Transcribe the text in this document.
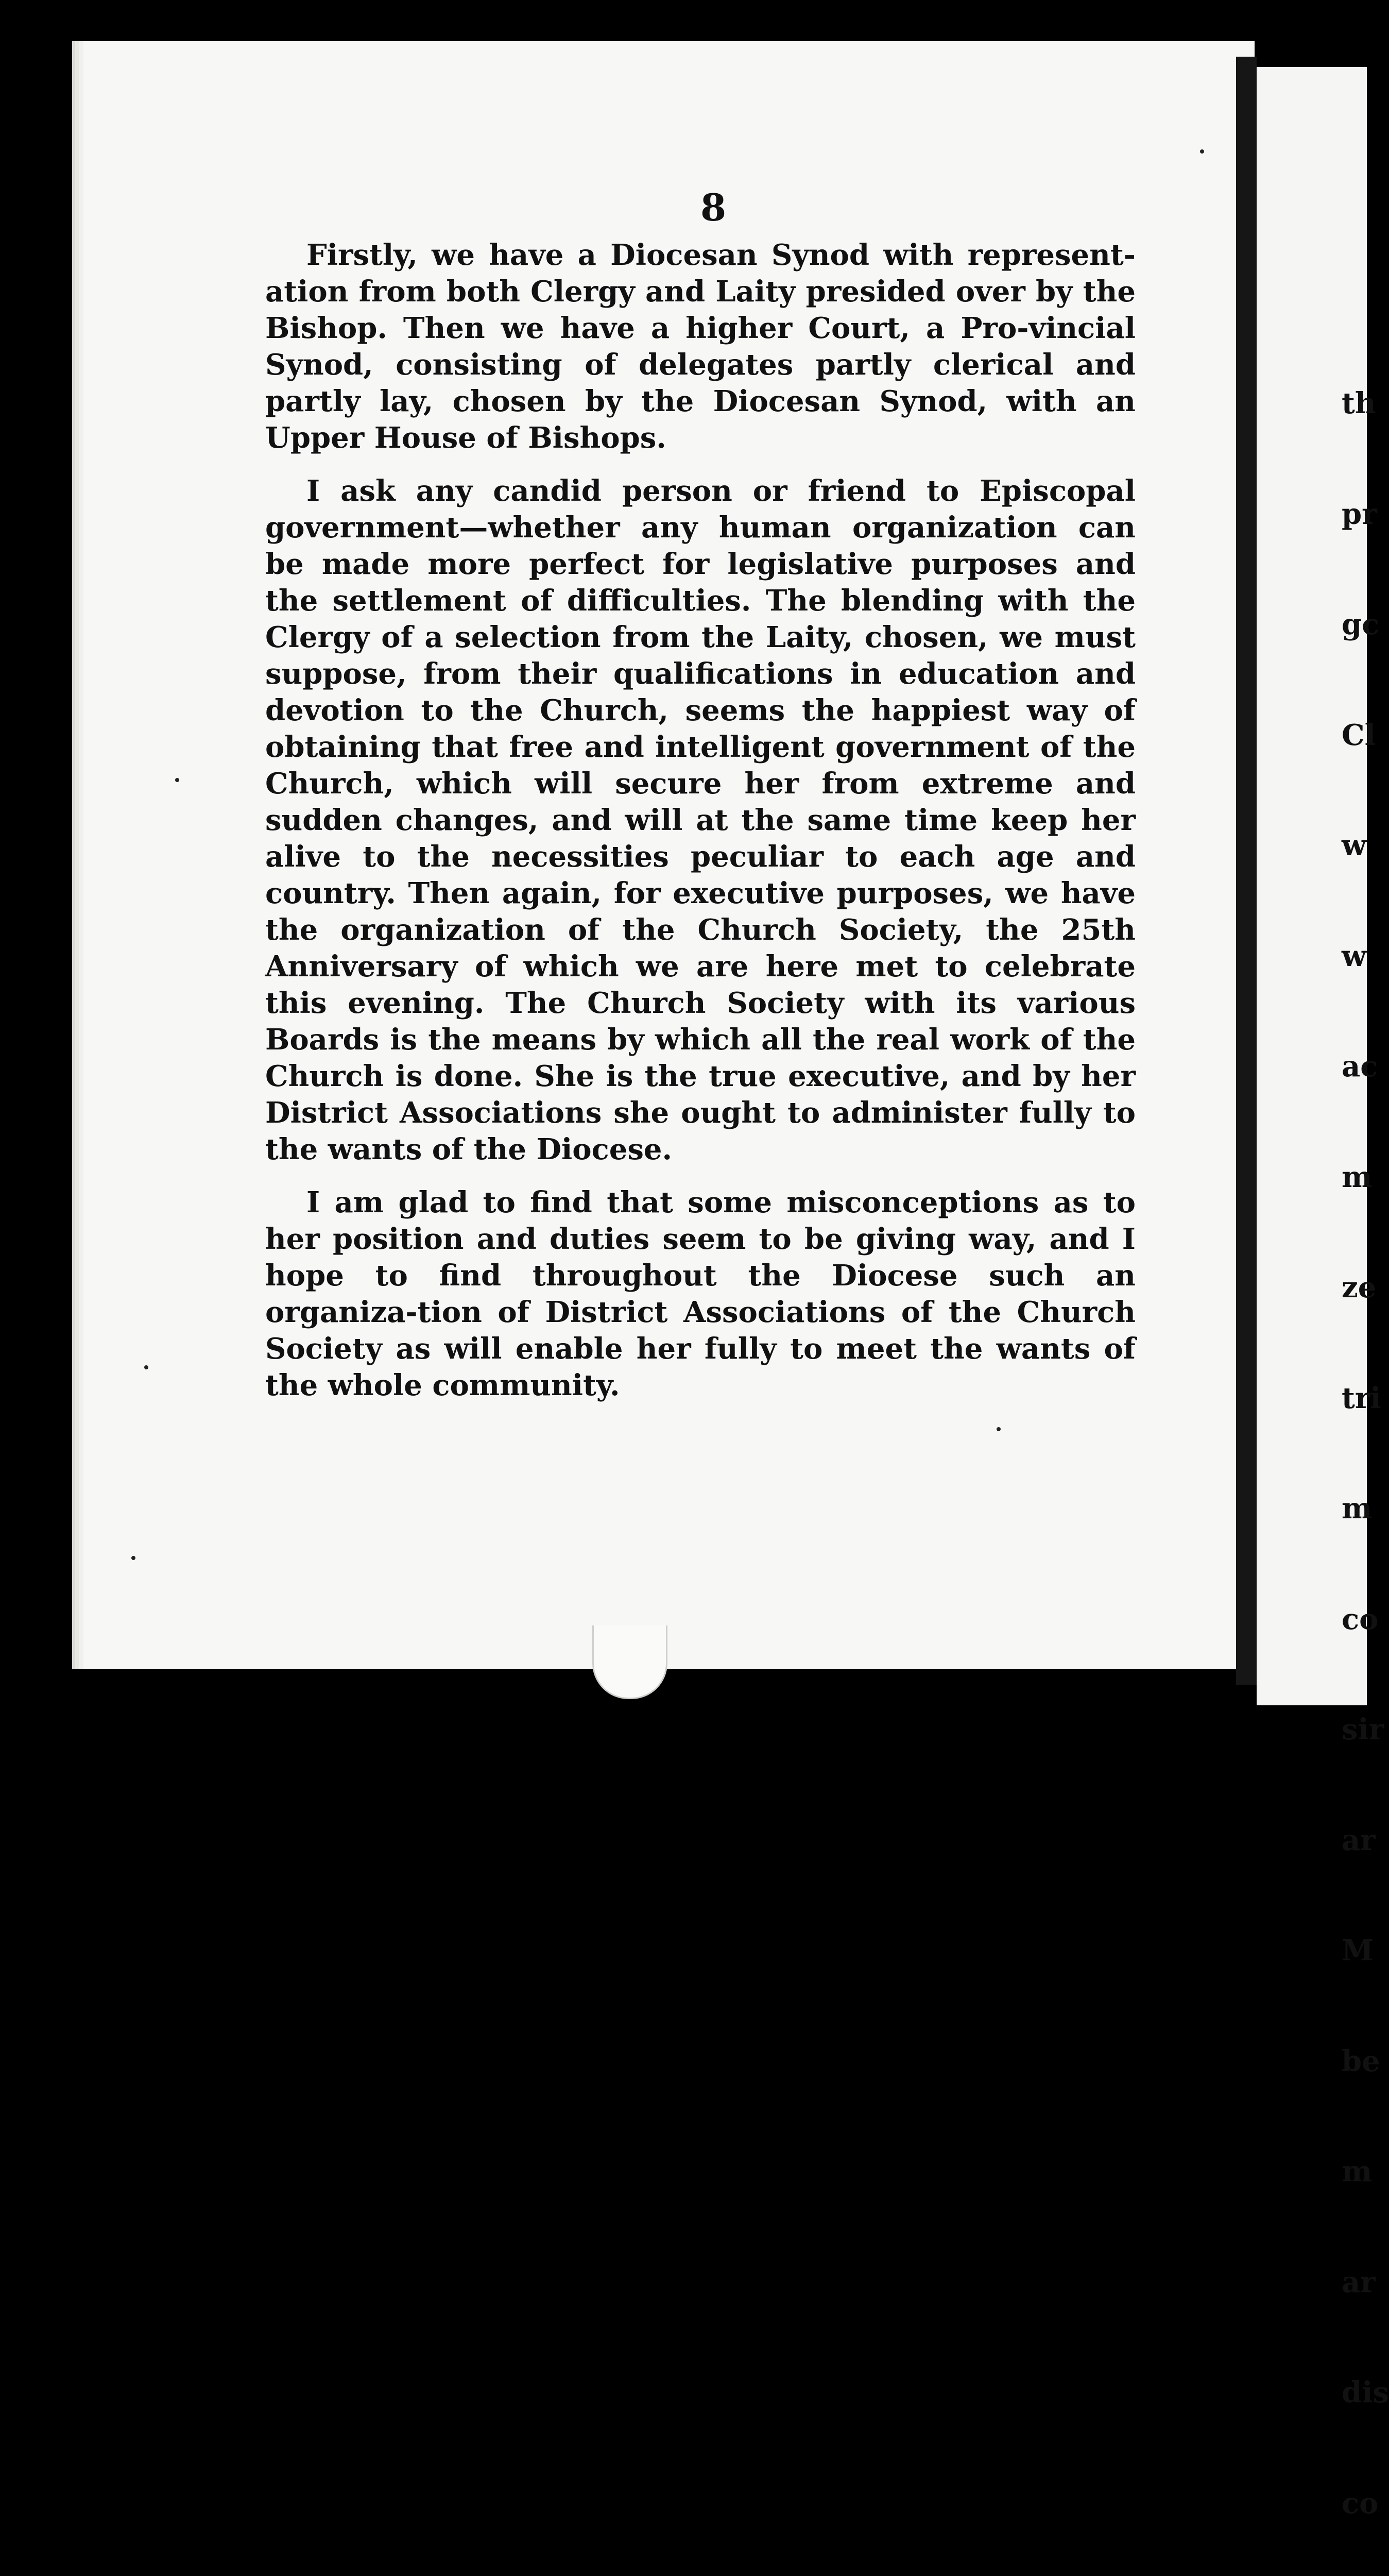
8

Firstly, we have a Diocesan Synod with represent-ation from both Clergy and Laity presided over by the Bishop. Then we have a higher Court, a Pro-vincial Synod, consisting of delegates partly clerical and partly lay, chosen by the Diocesan Synod, with an Upper House of Bishops.

I ask any candid person or friend to Episcopal government—whether any human organization can be made more perfect for legislative purposes and the settlement of difficulties. The blending with the Clergy of a selection from the Laity, chosen, we must suppose, from their qualifications in education and devotion to the Church, seems the happiest way of obtaining that free and intelligent government of the Church, which will secure her from extreme and sudden changes, and will at the same time keep her alive to the necessities peculiar to each age and country. Then again, for executive purposes, we have the organization of the Church Society, the 25th Anniversary of which we are here met to celebrate this evening. The Church Society with its various Boards is the means by which all the real work of the Church is done. She is the true executive, and by her District Associations she ought to administer fully to the wants of the Diocese.

I am glad to find that some misconceptions as to her position and duties seem to be giving way, and I hope to find throughout the Diocese such an organiza-tion of District Associations of the Church Society as will enable her fully to meet the wants of the whole community.

th

pr

gc

Cl

w

w

ac

m

ze

tri

m

co

sir

ar

M

be

m

ar

dis

co
